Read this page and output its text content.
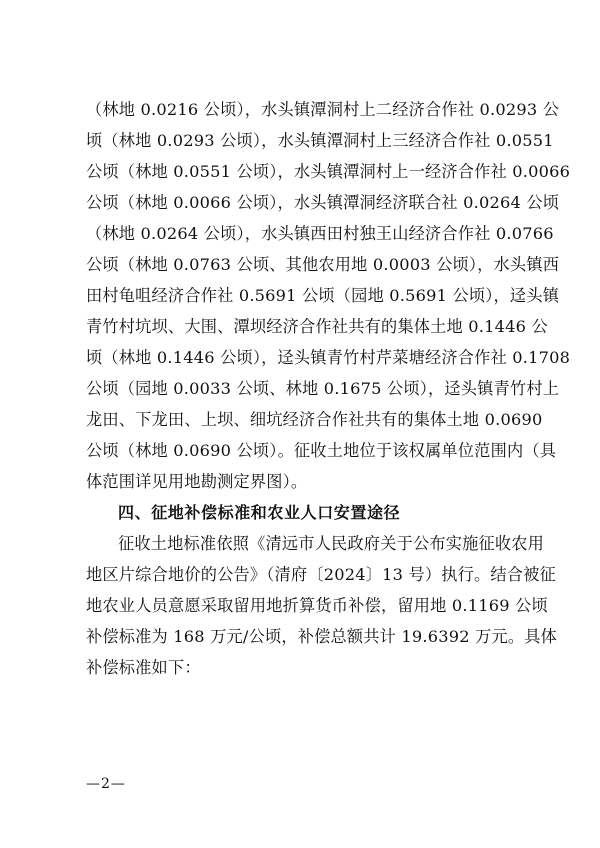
（林地 0.0216 公顷），水头镇潭洞村上二经济合作社 0.0293 公
顷（林地 0.0293 公顷），水头镇潭洞村上三经济合作社 0.0551
公顷（林地 0.0551 公顷），水头镇潭洞村上一经济合作社 0.0066
公顷（林地 0.0066 公顷），水头镇潭洞经济联合社 0.0264 公顷
（林地 0.0264 公顷），水头镇西田村独王山经济合作社 0.0766
公顷（林地 0.0763 公顷、其他农用地 0.0003 公顷），水头镇西
田村龟咀经济合作社 0.5691 公顷（园地 0.5691 公顷），迳头镇
青竹村坑坝、大围、潭坝经济合作社共有的集体土地 0.1446 公
顷（林地 0.1446 公顷），迳头镇青竹村芹菜塘经济合作社 0.1708
公顷（园地 0.0033 公顷、林地 0.1675 公顷），迳头镇青竹村上
龙田、下龙田、上坝、细坑经济合作社共有的集体土地 0.0690
公顷（林地 0.0690 公顷）。征收土地位于该权属单位范围内（具
体范围详见用地勘测定界图）。
四、征地补偿标准和农业人口安置途径
征收土地标准依照《清远市人民政府关于公布实施征收农用
地区片综合地价的公告》（清府〔2024〕13 号）执行。结合被征
地农业人员意愿采取留用地折算货币补偿，留用地 0.1169 公顷
补偿标准为 168 万元/公顷，补偿总额共计 19.6392 万元。具体
补偿标准如下：
—2—
